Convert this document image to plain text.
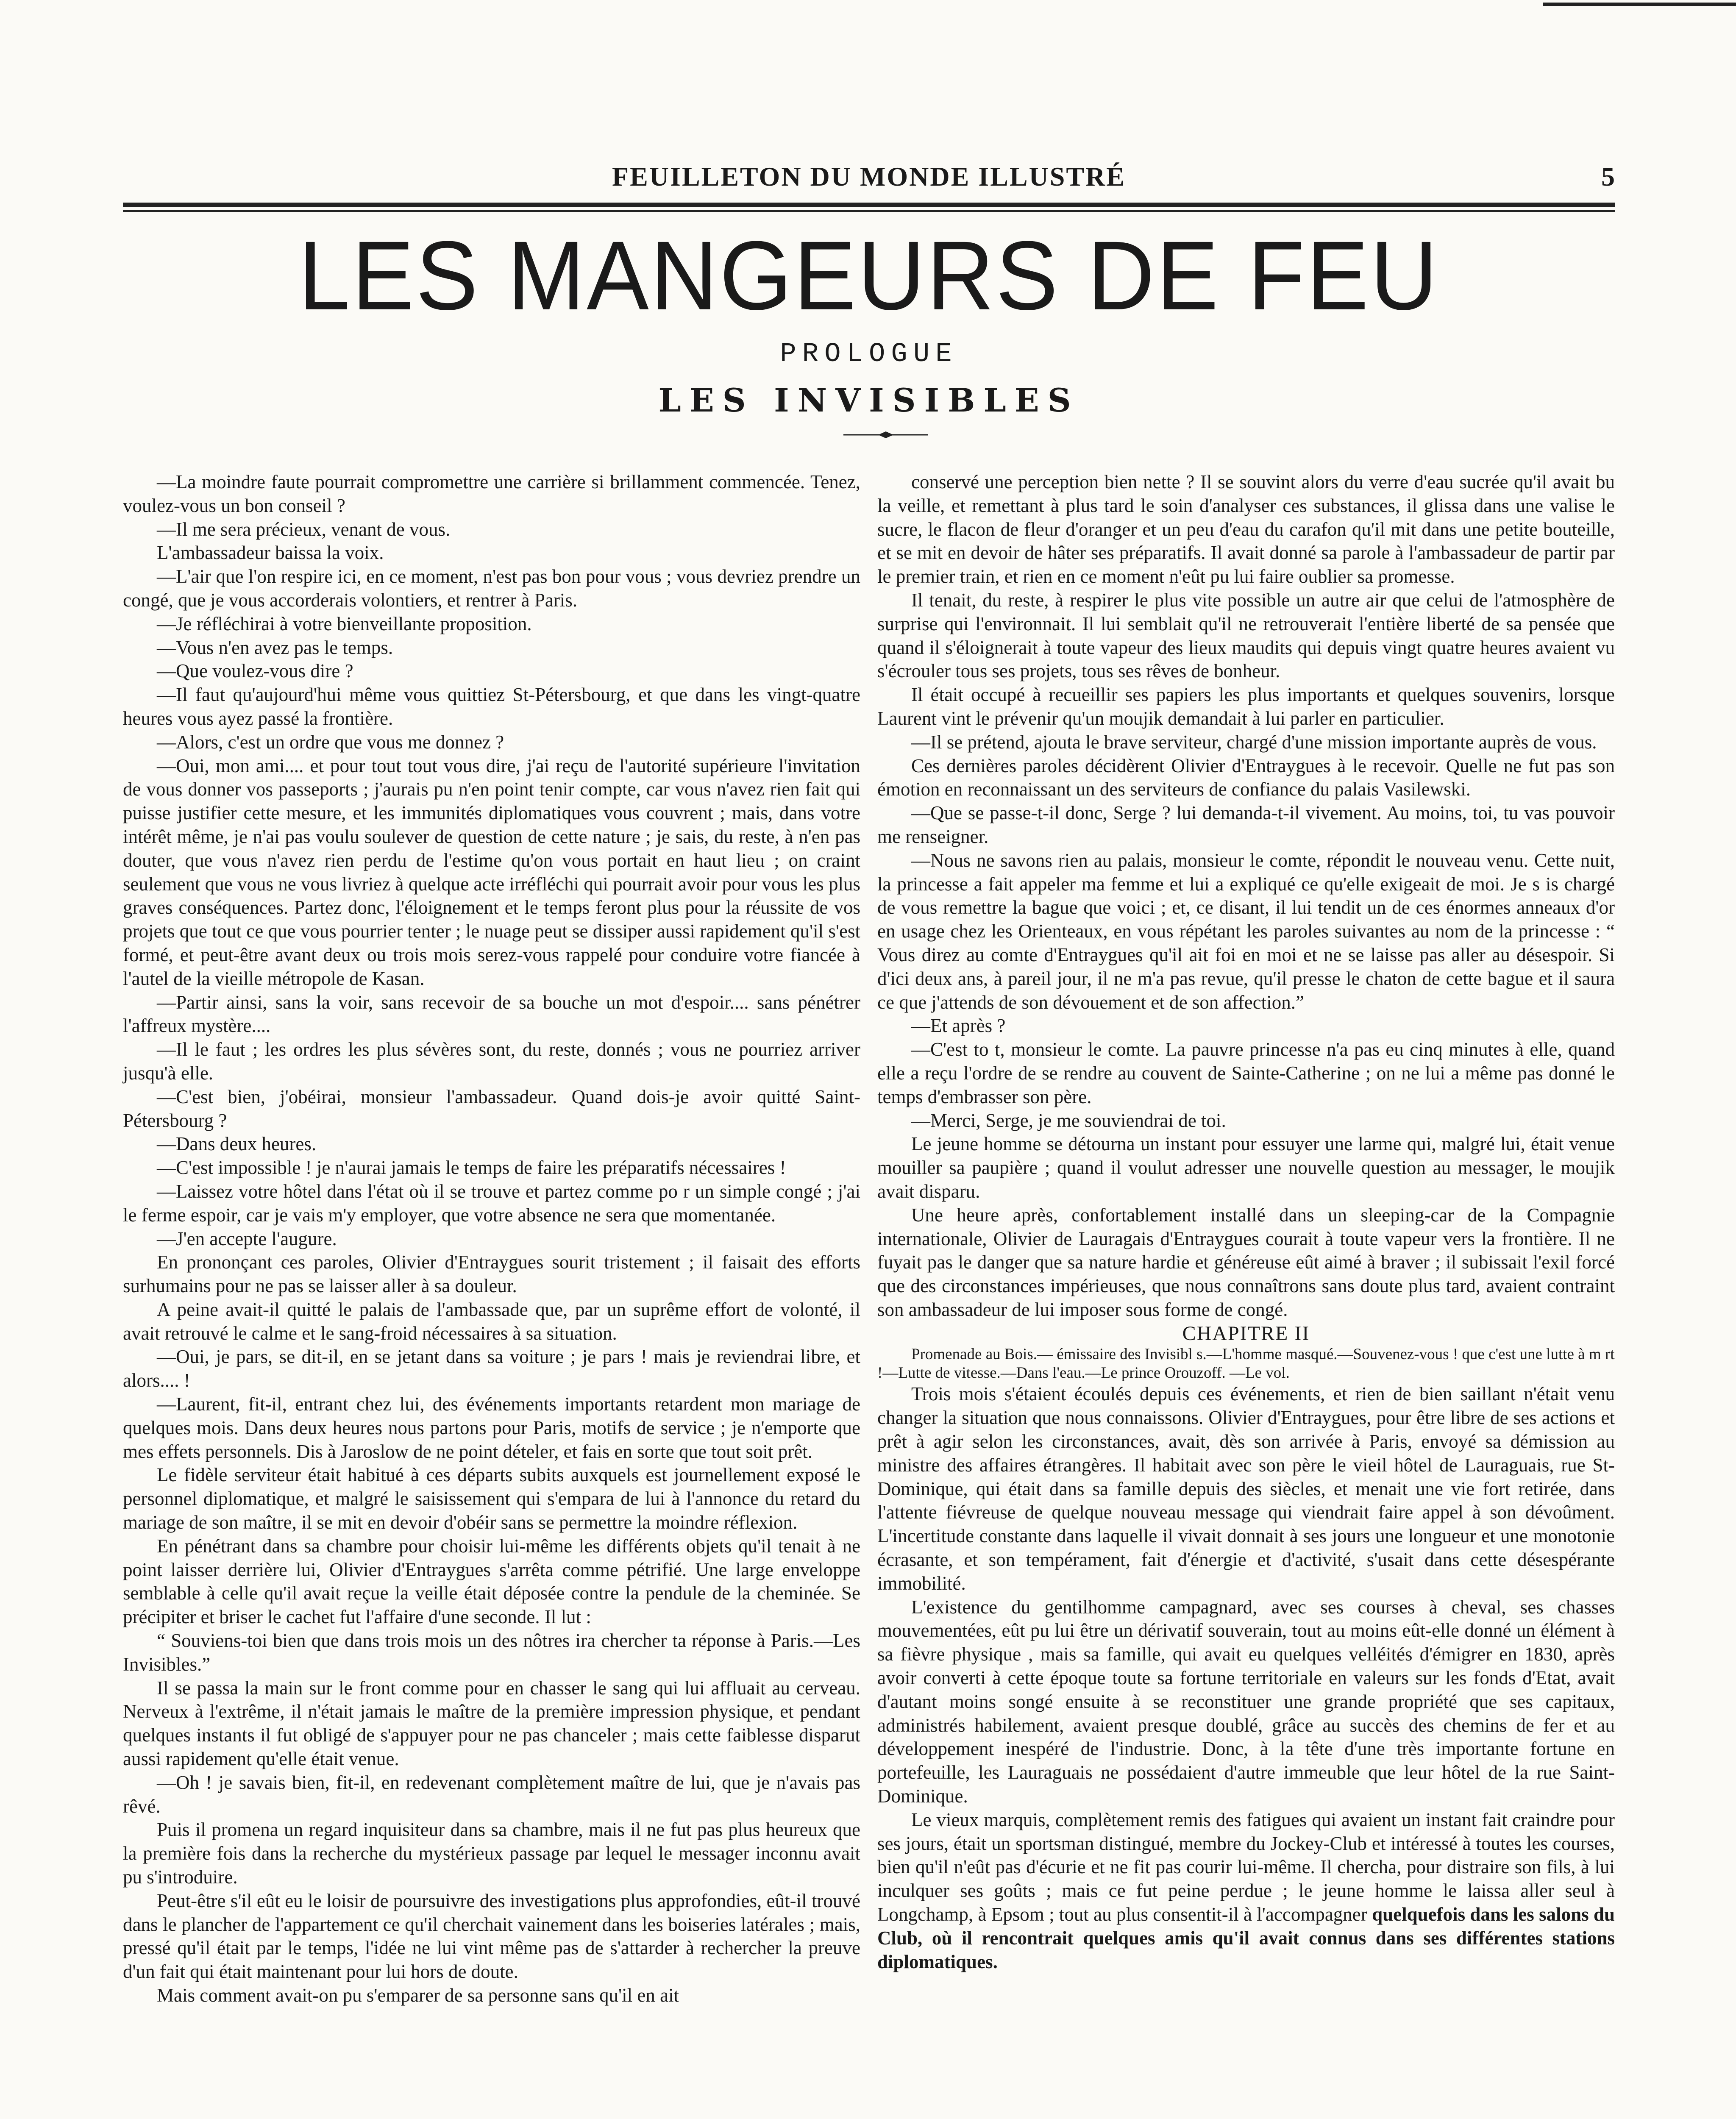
FEUILLETON DU MONDE ILLUSTRÉ	5
LES MANGEURS DE FEU
PROLOGUE
LES INVISIBLES

—La moindre faute pourrait compromettre une carrière si brillamment commencée. Tenez, voulez-vous un bon conseil ?

—Il me sera précieux, venant de vous.

L'ambassadeur baissa la voix.

—L'air que l'on respire ici, en ce moment, n'est pas bon pour vous ; vous devriez prendre un congé, que je vous accorderais volontiers, et rentrer à Paris.

—Je réfléchirai à votre bienveillante proposition.

—Vous n'en avez pas le temps.

—Que voulez-vous dire ?

—Il faut qu'aujourd'hui même vous quittiez St-Pétersbourg, et que dans les vingt-quatre heures vous ayez passé la frontière.

—Alors, c'est un ordre que vous me donnez ?

—Oui, mon ami.... et pour tout tout vous dire, j'ai reçu de l'autorité supérieure l'invitation de vous donner vos passeports ; j'aurais pu n'en point tenir compte, car vous n'avez rien fait qui puisse justifier cette mesure, et les immunités diplomatiques vous couvrent ; mais, dans votre intérêt même, je n'ai pas voulu soulever de question de cette nature ; je sais, du reste, à n'en pas douter, que vous n'avez rien perdu de l'estime qu'on vous portait en haut lieu ; on craint seulement que vous ne vous livriez à quelque acte irréfléchi qui pourrait avoir pour vous les plus graves conséquences. Partez donc, l'éloignement et le temps feront plus pour la réussite de vos projets que tout ce que vous pourrier tenter ; le nuage peut se dissiper aussi rapidement qu'il s'est formé, et peut-être avant deux ou trois mois serez-vous rappelé pour conduire votre fiancée à l'autel de la vieille métropole de Kasan.

—Partir ainsi, sans la voir, sans recevoir de sa bouche un mot d'espoir.... sans pénétrer l'affreux mystère....

—Il le faut ; les ordres les plus sévères sont, du reste, donnés ; vous ne pourriez arriver jusqu'à elle.

—C'est bien, j'obéirai, monsieur l'ambassadeur. Quand dois-je avoir quitté Saint-Pétersbourg ?

—Dans deux heures.

—C'est impossible ! je n'aurai jamais le temps de faire les préparatifs nécessaires !

—Laissez votre hôtel dans l'état où il se trouve et partez comme po r un simple congé ; j'ai le ferme espoir, car je vais m'y employer, que votre absence ne sera que momentanée.

—J'en accepte l'augure.

En prononçant ces paroles, Olivier d'Entraygues sourit tristement ; il faisait des efforts surhumains pour ne pas se laisser aller à sa douleur.

A peine avait-il quitté le palais de l'ambassade que, par un suprême effort de volonté, il avait retrouvé le calme et le sang-froid nécessaires à sa situation.

—Oui, je pars, se dit-il, en se jetant dans sa voiture ; je pars ! mais je reviendrai libre, et alors.... !

—Laurent, fit-il, entrant chez lui, des événements importants retardent mon mariage de quelques mois. Dans deux heures nous partons pour Paris, motifs de service ; je n'emporte que mes effets personnels. Dis à Jaroslow de ne point dételer, et fais en sorte que tout soit prêt.

Le fidèle serviteur était habitué à ces départs subits auxquels est journellement exposé le personnel diplomatique, et malgré le saisissement qui s'empara de lui à l'annonce du retard du mariage de son maître, il se mit en devoir d'obéir sans se permettre la moindre réflexion.

En pénétrant dans sa chambre pour choisir lui-même les différents objets qu'il tenait à ne point laisser derrière lui, Olivier d'Entraygues s'arrêta comme pétrifié. Une large enveloppe semblable à celle qu'il avait reçue la veille était déposée contre la pendule de la cheminée. Se précipiter et briser le cachet fut l'affaire d'une seconde. Il lut :

“ Souviens-toi bien que dans trois mois un des nôtres ira chercher ta réponse à Paris.—Les Invisibles.”

Il se passa la main sur le front comme pour en chasser le sang qui lui affluait au cerveau. Nerveux à l'extrême, il n'était jamais le maître de la première impression physique, et pendant quelques instants il fut obligé de s'appuyer pour ne pas chanceler ; mais cette faiblesse disparut aussi rapidement qu'elle était venue.

—Oh ! je savais bien, fit-il, en redevenant complètement maître de lui, que je n'avais pas rêvé.

Puis il promena un regard inquisiteur dans sa chambre, mais il ne fut pas plus heureux que la première fois dans la recherche du mystérieux passage par lequel le messager inconnu avait pu s'introduire.

Peut-être s'il eût eu le loisir de poursuivre des investigations plus approfondies, eût-il trouvé dans le plancher de l'appartement ce qu'il cherchait vainement dans les boiseries latérales ; mais, pressé qu'il était par le temps, l'idée ne lui vint même pas de s'attarder à rechercher la preuve d'un fait qui était maintenant pour lui hors de doute.

Mais comment avait-on pu s'emparer de sa personne sans qu'il en ait

conservé une perception bien nette ? Il se souvint alors du verre d'eau sucrée qu'il avait bu la veille, et remettant à plus tard le soin d'analyser ces substances, il glissa dans une valise le sucre, le flacon de fleur d'oranger et un peu d'eau du carafon qu'il mit dans une petite bouteille, et se mit en devoir de hâter ses préparatifs. Il avait donné sa parole à l'ambassadeur de partir par le premier train, et rien en ce moment n'eût pu lui faire oublier sa promesse.

Il tenait, du reste, à respirer le plus vite possible un autre air que celui de l'atmosphère de surprise qui l'environnait. Il lui semblait qu'il ne retrouverait l'entière liberté de sa pensée que quand il s'éloignerait à toute vapeur des lieux maudits qui depuis vingt quatre heures avaient vu s'écrouler tous ses projets, tous ses rêves de bonheur.

Il était occupé à recueillir ses papiers les plus importants et quelques souvenirs, lorsque Laurent vint le prévenir qu'un moujik demandait à lui parler en particulier.

—Il se prétend, ajouta le brave serviteur, chargé d'une mission importante auprès de vous.

Ces dernières paroles décidèrent Olivier d'Entraygues à le recevoir. Quelle ne fut pas son émotion en reconnaissant un des serviteurs de confiance du palais Vasilewski.

—Que se passe-t-il donc, Serge ? lui demanda-t-il vivement. Au moins, toi, tu vas pouvoir me renseigner.

—Nous ne savons rien au palais, monsieur le comte, répondit le nouveau venu. Cette nuit, la princesse a fait appeler ma femme et lui a expliqué ce qu'elle exigeait de moi. Je s is chargé de vous remettre la bague que voici ; et, ce disant, il lui tendit un de ces énormes anneaux d'or en usage chez les Orienteaux, en vous répétant les paroles suivantes au nom de la princesse : “ Vous direz au comte d'Entraygues qu'il ait foi en moi et ne se laisse pas aller au désespoir. Si d'ici deux ans, à pareil jour, il ne m'a pas revue, qu'il presse le chaton de cette bague et il saura ce que j'attends de son dévouement et de son affection.”

—Et après ?

—C'est to t, monsieur le comte. La pauvre princesse n'a pas eu cinq minutes à elle, quand elle a reçu l'ordre de se rendre au couvent de Sainte-Catherine ; on ne lui a même pas donné le temps d'embrasser son père.

—Merci, Serge, je me souviendrai de toi.

Le jeune homme se détourna un instant pour essuyer une larme qui, malgré lui, était venue mouiller sa paupière ; quand il voulut adresser une nouvelle question au messager, le moujik avait disparu.

Une heure après, confortablement installé dans un sleeping-car de la Compagnie internationale, Olivier de Lauragais d'Entraygues courait à toute vapeur vers la frontière. Il ne fuyait pas le danger que sa nature hardie et généreuse eût aimé à braver ; il subissait l'exil forcé que des circonstances impérieuses, que nous connaîtrons sans doute plus tard, avaient contraint son ambassadeur de lui imposer sous forme de congé.

CHAPITRE II

Promenade au Bois.— émissaire des Invisibl s.—L'homme masqué.—Souvenez-vous ! que c'est une lutte à m rt !—Lutte de vitesse.—Dans l'eau.—Le prince Orouzoff. —Le vol.

Trois mois s'étaient écoulés depuis ces événements, et rien de bien saillant n'était venu changer la situation que nous connaissons. Olivier d'Entraygues, pour être libre de ses actions et prêt à agir selon les circonstances, avait, dès son arrivée à Paris, envoyé sa démission au ministre des affaires étrangères. Il habitait avec son père le vieil hôtel de Lauraguais, rue St-Dominique, qui était dans sa famille depuis des siècles, et menait une vie fort retirée, dans l'attente fiévreuse de quelque nouveau message qui viendrait faire appel à son dévoûment. L'incertitude constante dans laquelle il vivait donnait à ses jours une longueur et une monotonie écrasante, et son tempérament, fait d'énergie et d'activité, s'usait dans cette désespérante immobilité.

L'existence du gentilhomme campagnard, avec ses courses à cheval, ses chasses mouvementées, eût pu lui être un dérivatif souverain, tout au moins eût-elle donné un élément à sa fièvre physique , mais sa famille, qui avait eu quelques velléités d'émigrer en 1830, après avoir converti à cette époque toute sa fortune territoriale en valeurs sur les fonds d'Etat, avait d'autant moins songé ensuite à se reconstituer une grande propriété que ses capitaux, administrés habilement, avaient presque doublé, grâce au succès des chemins de fer et au développement inespéré de l'industrie. Donc, à la tête d'une très importante fortune en portefeuille, les Lauraguais ne possédaient d'autre immeuble que leur hôtel de la rue Saint-Dominique.

Le vieux marquis, complètement remis des fatigues qui avaient un instant fait craindre pour ses jours, était un sportsman distingué, membre du Jockey-Club et intéressé à toutes les courses, bien qu'il n'eût pas d'écurie et ne fit pas courir lui-même. Il chercha, pour distraire son fils, à lui inculquer ses goûts ; mais ce fut peine perdue ; le jeune homme le laissa aller seul à Longchamp, à Epsom ; tout au plus consentit-il à l'accompagner quelquefois dans les salons du Club, où il rencontrait quelques amis qu'il avait connus dans ses différentes stations diplomatiques.
